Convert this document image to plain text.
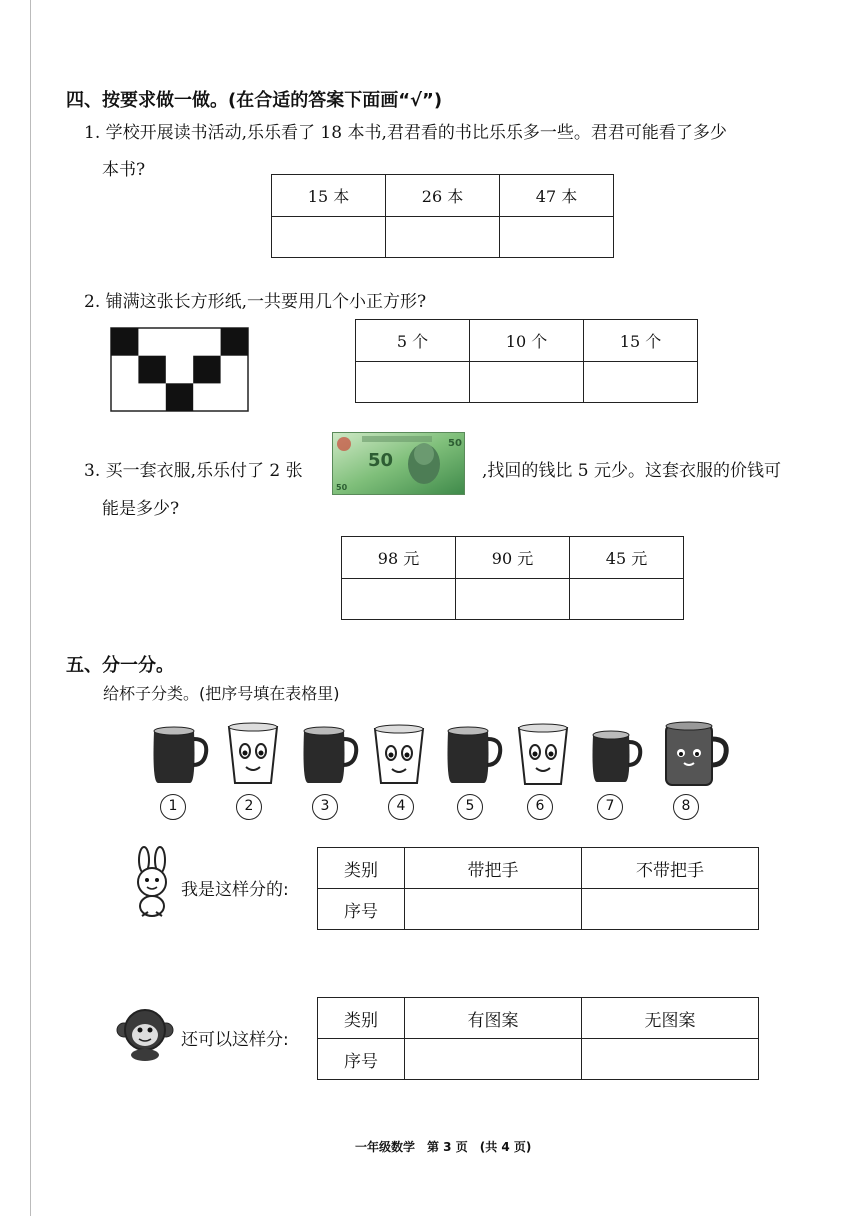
四、按要求做一做。(在合适的答案下面画“√”)
1. 学校开展读书活动,乐乐看了 18 本书,君君看的书比乐乐多一些。君君可能看了多少
本书?
15 本	26 本	47 本

2. 铺满这张长方形纸,一共要用几个小正方形?
5 个	10 个	15 个

3. 买一套衣服,乐乐付了 2 张	50
50
50
,找回的钱比 5 元少。这套衣服的价钱可
能是多少?
98 元	90 元	45 元

五、分一分。
给杯子分类。(把序号填在表格里)
1	2	3	4	5	6	7	8
我是这样分的:
类别	带把手	不带把手
序号		
还可以这样分:
类别	有图案	无图案
序号		
一年级数学　第 3 页　(共 4 页)
